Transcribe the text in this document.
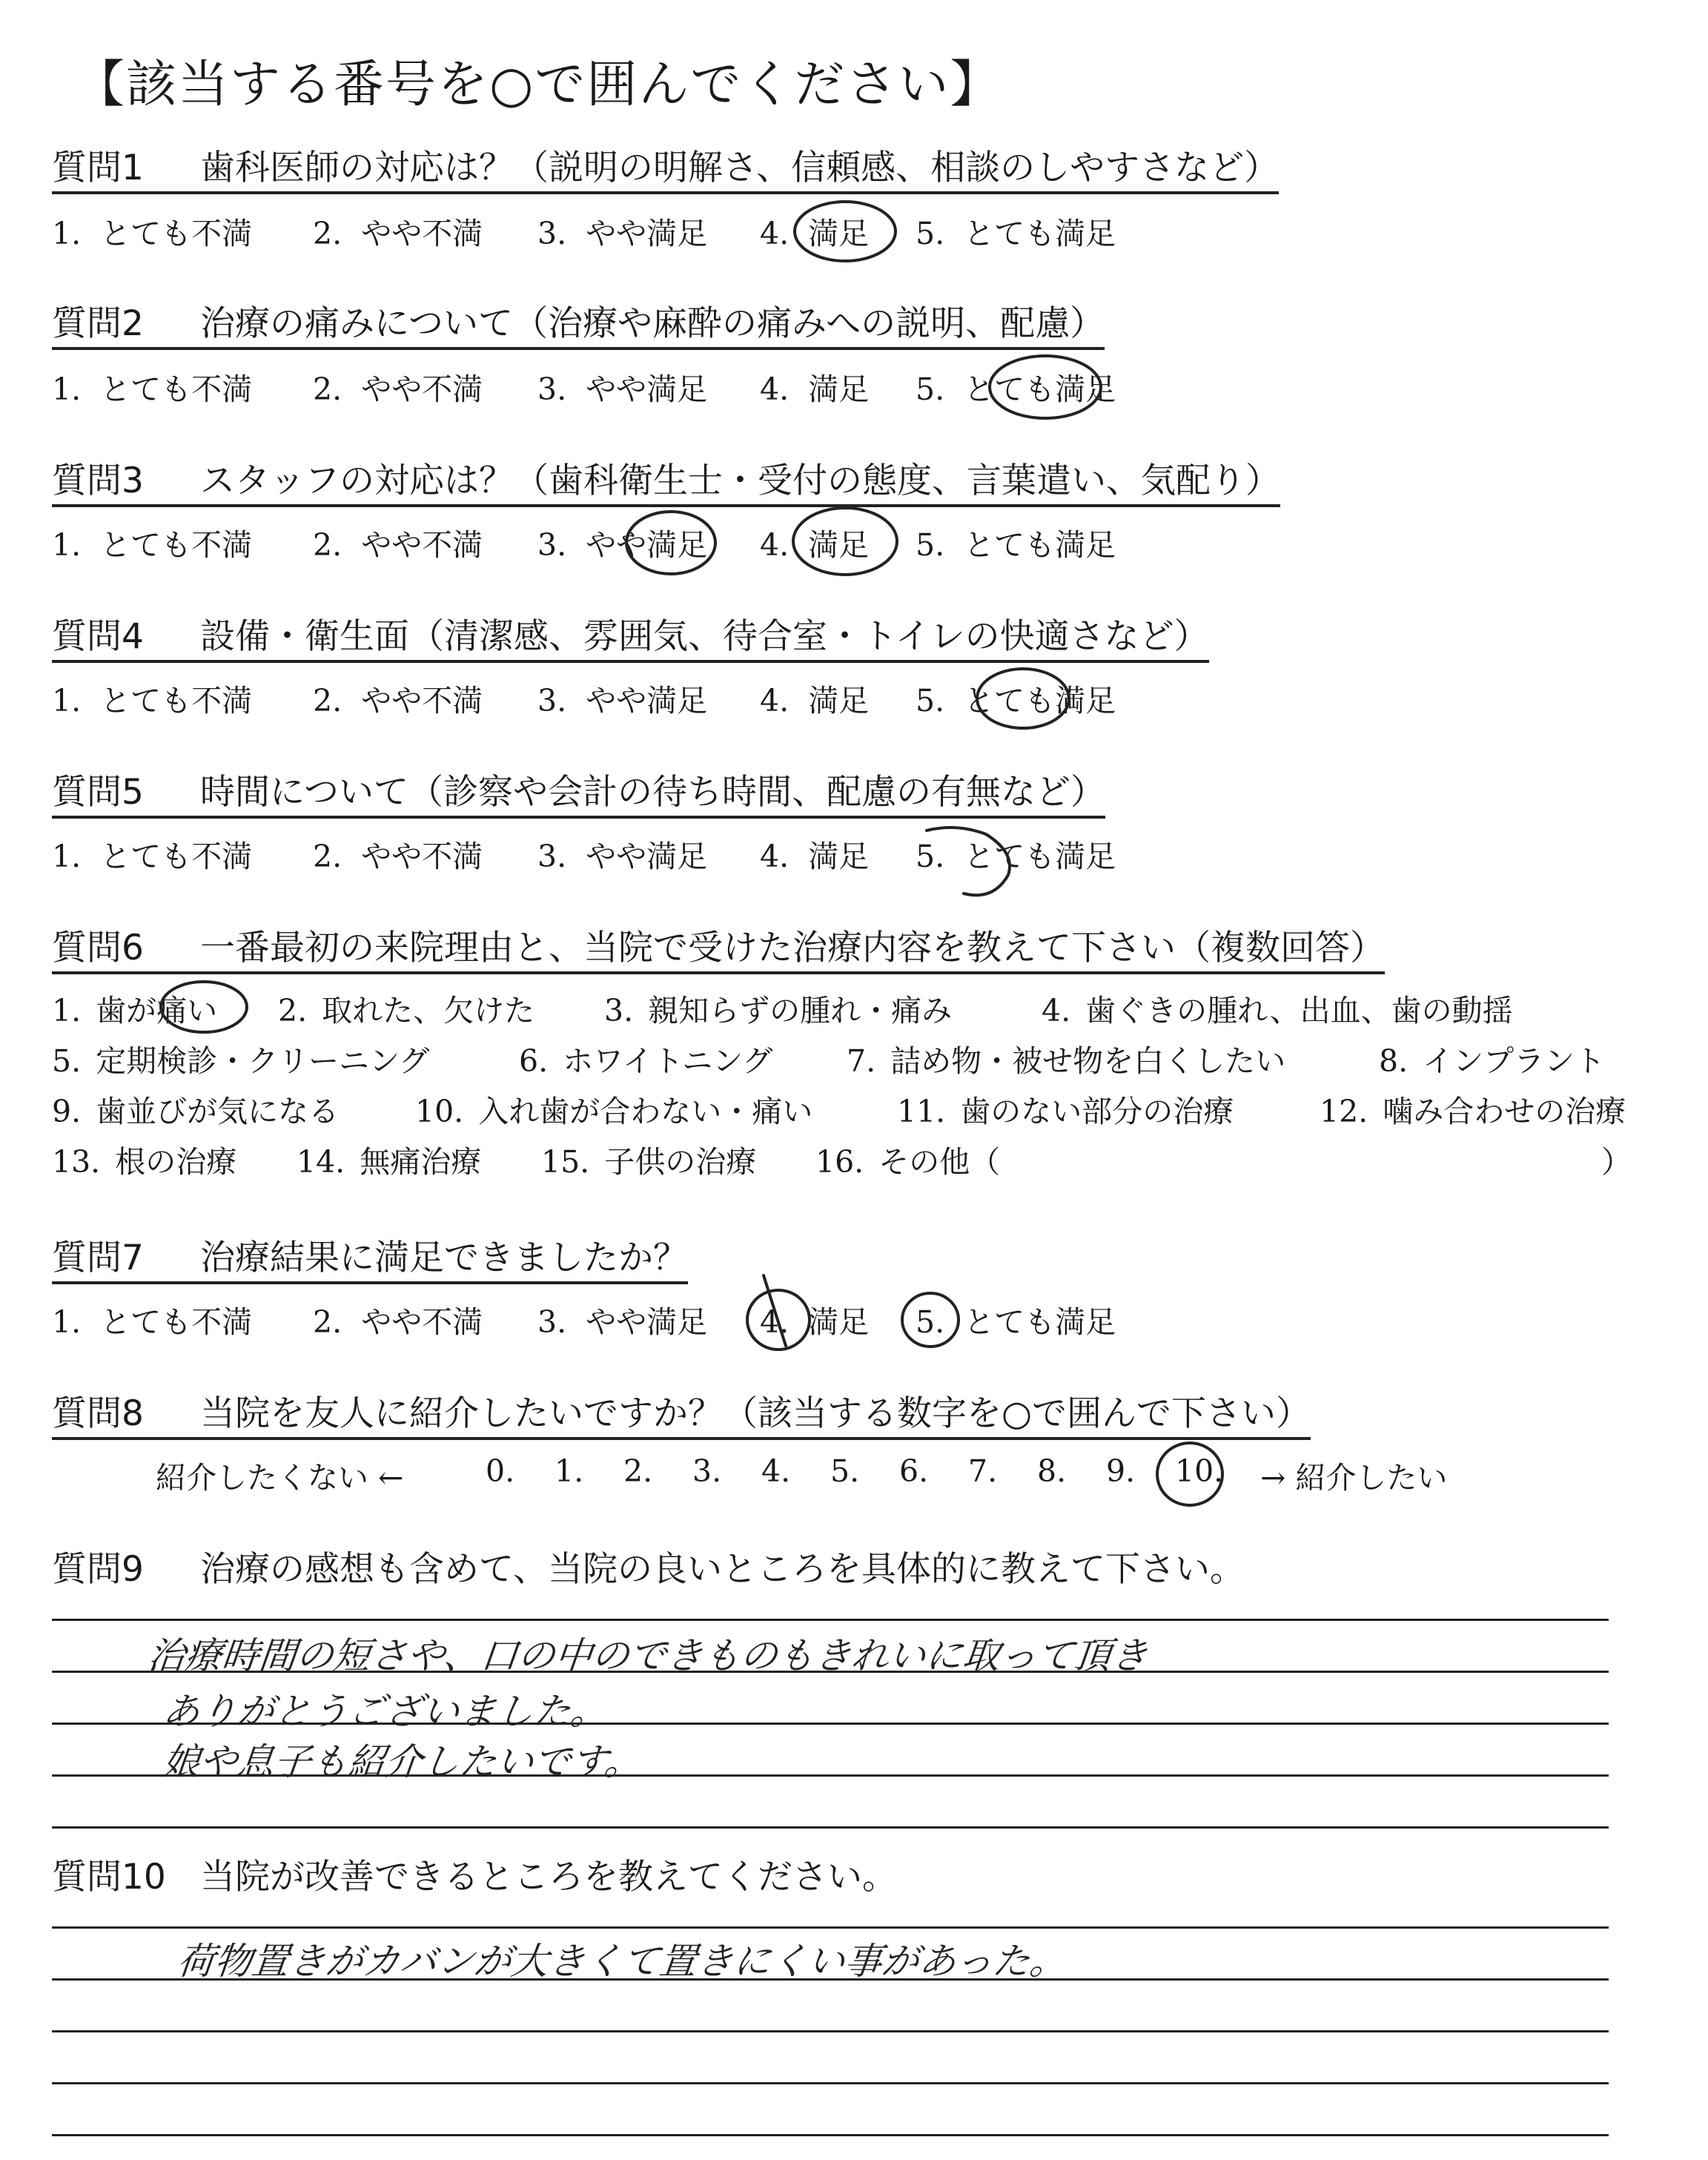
【該当する番号を○で囲んでください】
質問1 歯科医師の対応は？（説明の明解さ、信頼感、相談のしやすさなど）
1. とても不満 2. やや不満 3. やや満足 4. 満足 5. とても満足
質問2 治療の痛みについて（治療や麻酔の痛みへの説明、配慮）
1. とても不満 2. やや不満 3. やや満足 4. 満足 5. とても満足
質問3 スタッフの対応は？（歯科衛生士・受付の態度、言葉遣い、気配り）
1. とても不満 2. やや不満 3. やや満足 4. 満足 5. とても満足
質問4 設備・衛生面（清潔感、雰囲気、待合室・トイレの快適さなど）
1. とても不満 2. やや不満 3. やや満足 4. 満足 5. とても満足
質問5 時間について（診察や会計の待ち時間、配慮の有無など）
1. とても不満 2. やや不満 3. やや満足 4. 満足 5. とても満足
質問6 一番最初の来院理由と、当院で受けた治療内容を教えて下さい（複数回答）
1. 歯が痛い 2. 取れた、欠けた 3. 親知らずの腫れ・痛み	4. 歯ぐきの腫れ、出血、歯の動揺
5. 定期検診・クリーニング	6. ホワイトニング 7. 詰め物・被せ物を白くしたい	8. インプラント
9. 歯並びが気になる	10. 入れ歯が合わない・痛い	11. 歯のない部分の治療	12. 噛み合わせの治療
13. 根の治療 14. 無痛治療 15. 子供の治療 16. その他（	）
質問7 治療結果に満足できましたか？
1. とても不満 2. やや不満 3. やや満足 4. 満足 5. とても満足
質問8 当院を友人に紹介したいですか？（該当する数字を○で囲んで下さい）
紹介したくない ←	0. 1. 2. 3. 4. 5. 6. 7. 8. 9. 10. → 紹介したい
質問9 治療の感想も含めて、当院の良いところを具体的に教えて下さい。
治療時間の短さや、口の中のできものもきれいに取って頂き
ありがとうございました。
娘や息子も紹介したいです。
質問10 当院が改善できるところを教えてください。
荷物置きがカバンが大きくて置きにくい事があった。
